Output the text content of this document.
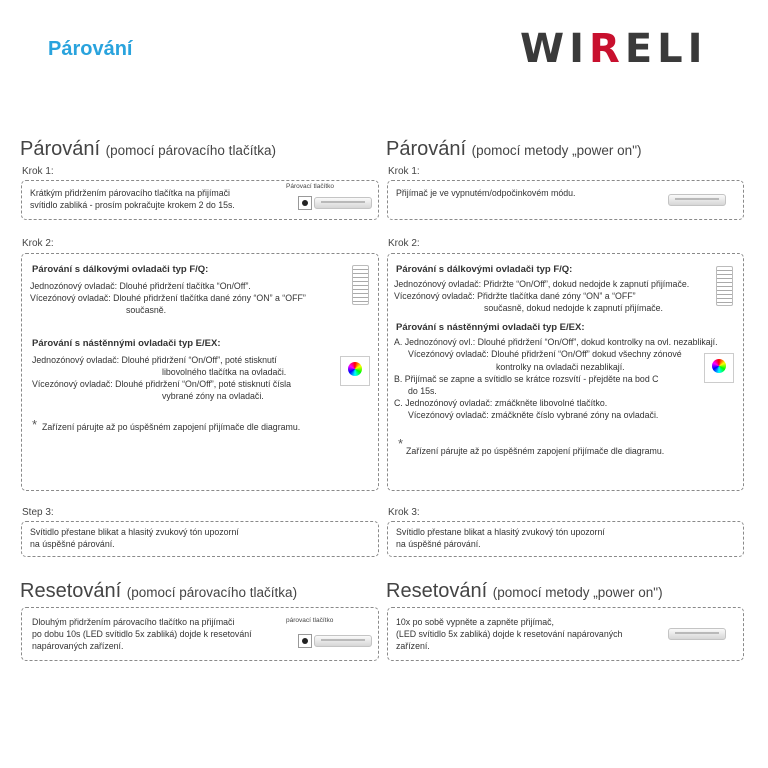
Párování	WIRELI
Párování (pomocí párovacího tlačítka)
Krok 1:
Krátkým přidržením párovacího tlačítka na přijímači
svítidlo zabliká - prosím pokračujte krokem 2 do 15s.
Párovací tlačítko
Krok 2:
Párování s dálkovými ovladači typ F/Q:
Jednozónový ovladač: Dlouhé přidržení tlačítka “On/Off”.
Vícezónový ovladač: Dlouhé přidržení tlačítka dané zóny “ON” a “OFF”
současně.
Párování s nástěnnými ovladači typ E/EX:
Jednozónový ovladač: Dlouhé přidržení “On/Off”, poté stisknutí
libovolného tlačítka na ovladači.
Vícezónový ovladač: Dlouhé přidržení “On/Off”, poté stisknutí čísla
vybrané zóny na ovladači.
* Zařízení párujte až po úspěšném zapojení přijímače dle diagramu.
Step 3:
Svítidlo přestane blikat a hlasitý zvukový tón upozorní
na úspěšné párování.
Párování (pomocí metody „power on")
Krok 1:
Přijímač je ve vypnutém/odpočinkovém módu.
Krok 2:
Párování s dálkovými ovladači typ F/Q:
Jednozónový ovladač: Přidržte “On/Off”, dokud nedojde k zapnutí přijímače.
Vícezónový ovladač: Přidržte tlačítka dané zóny “ON” a “OFF”
současně, dokud nedojde k zapnutí přijímače.
Párování s nástěnnými ovladači typ E/EX:
A. Jednozónový ovl.: Dlouhé přidržení “On/Off”, dokud kontrolky na ovl. nezablikají.
Vícezónový ovladač: Dlouhé přidržení “On/Off” dokud všechny zónové
kontrolky na ovladači nezablikají.
B. Přijímač se zapne a svítidlo se krátce rozsvítí - přejděte na bod C
do 15s.
C. Jednozónový ovladač: zmáčkněte libovolné tlačítko.
Vícezónový ovladač: zmáčkněte číslo vybrané zóny na ovladači.
* Zařízení párujte až po úspěšném zapojení přijímače dle diagramu.
Krok 3:
Svítidlo přestane blikat a hlasitý zvukový tón upozorní
na úspěšné párování.
Resetování (pomocí párovacího tlačítka)
Dlouhým přidržením párovacího tlačítko na přijímači
po dobu 10s (LED svítidlo 5x zabliká) dojde k resetování
napárovaných zařízení.
párovací tlačítko
Resetování (pomocí metody „power on")
10x po sobě vypněte a zapněte přijímač,
(LED svítidlo 5x zabliká) dojde k resetování napárovaných
zařízení.
